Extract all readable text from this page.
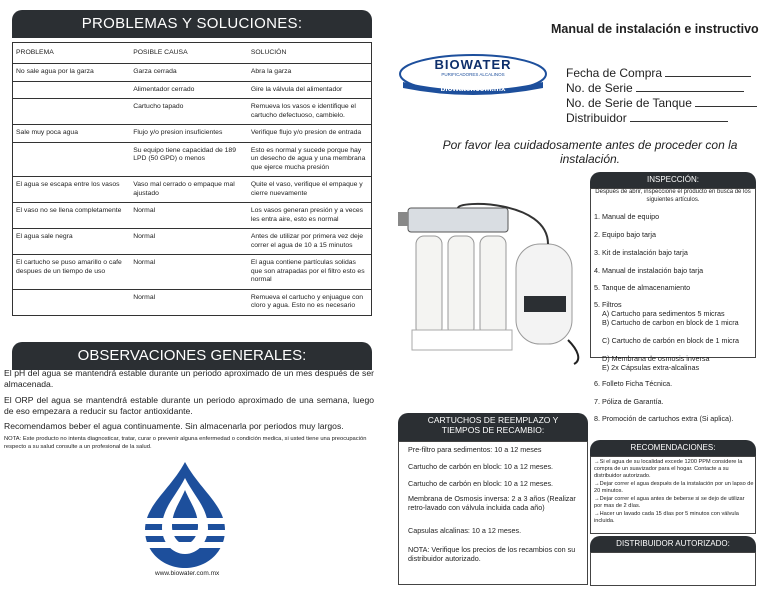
PROBLEMAS Y SOLUCIONES:
PROBLEMA	POSIBLE CAUSA	SOLUCIÓN
No sale agua por la garza	Garza cerrada	Abra la garza
	Alimentador cerrado	Gire la válvula del alimentador
	Cartucho tapado	Remueva los vasos e identifique el cartucho defectuoso, cambielo.
Sale muy poca agua	Flujo y/o presion insuficientes	Verifique flujo y/o presion de entrada
	Su equipo tiene capacidad de 189 LPD (50 GPD) o menos	Esto es normal y sucede porque hay un desecho de agua y una membrana que ejerce mucha presión
El agua se escapa entre los vasos	Vaso mal cerrado o empaque mal ajustado	Quite el vaso, verifique el empaque y cierre nuevamente
El vaso no se llena completamente	Normal	Los vasos generan presión y a veces les entra aire, esto es normal
El agua sale negra	Normal	Antes de utilizar por primera vez deje correr el agua de 10 a 15 minutos
El cartucho se puso amarillo o cafe despues de un tiempo de uso	Normal	El agua contiene partículas solidas que son atrapadas por el filtro esto es normal
	Normal	Remueva el cartucho y enjuague con cloro y agua. Esto no es necesario
OBSERVACIONES GENERALES:
El pH del agua se mantendrá estable durante un periodo aproximado de un mes después de ser almacenada.
El ORP del agua se mantendrá estable durante un periodo aproximado de una semana, luego de eso empezara a reducir su factor antioxidante.
Recomendamos beber el agua continuamente. Sin almacenarla por periodos muy largos.
NOTA: Este producto no intenta diagnosticar, tratar, curar o prevenir alguna enfermedad o condición medica, si usted tiene una preocupación respecto a su salud consulte a un profesional de la salud.
www.biowater.com.mx
Manual de instalación e instructivo
BIOWATER
PURIFICADORES ALCALINOS
biowater.com.mx
Fecha de Compra
No. de Serie
No. de Serie de Tanque
Distribuidor
Por favor lea cuidadosamente antes de proceder con la instalación.
INSPECCIÓN:
Después de abrir, inspeccione el producto en busca de los siguientes artículos.
1. Manual de equipo
2. Equipo bajo tarja
3. Kit de instalación bajo tarja
4. Manual de instalación bajo tarja
5. Tanque de almacenamiento
5. Filtros
A) Cartucho para sedimentos 5 micras
B) Cartucho de carbon en block de 1 micra
C) Cartucho de carbón en block de 1 micra
D) Membrana de osmosis inversa
E) 2x Cápsulas extra-alcalinas
6. Folleto Ficha Técnica.
7. Póliza de Garantía.
8. Promoción de cartuchos extra (Si aplica).
CARTUCHOS DE REEMPLAZO Y
TIEMPOS DE RECAMBIO:
Pre-filtro para sedimentos: 10 a 12 meses
Cartucho de carbón en block: 10 a 12 meses.
Cartucho de carbón en block: 10 a 12 meses.
Membrana de Osmosis inversa: 2 a 3 años (Realizar retro-lavado con válvula incluida cada año)
Capsulas alcalinas: 10 a 12 meses.
NOTA: Verifique los precios de los recambios con su distribuidor autorizado.
RECOMENDACIONES:
→Si el agua de su localidad excede 1200 PPM considere la compra de un suavizador para el hogar. Contacte a su distribuidor autorizado.
→Dejar correr el agua después de la instalación por un lapso de 20 minutos.
→Dejar correr el agua antes de beberse si se dejo de utilizar por mas de 2 días.
→Hacer un lavado cada 15 días por 5 minutos con válvula incluida.
DISTRIBUIDOR AUTORIZADO:
